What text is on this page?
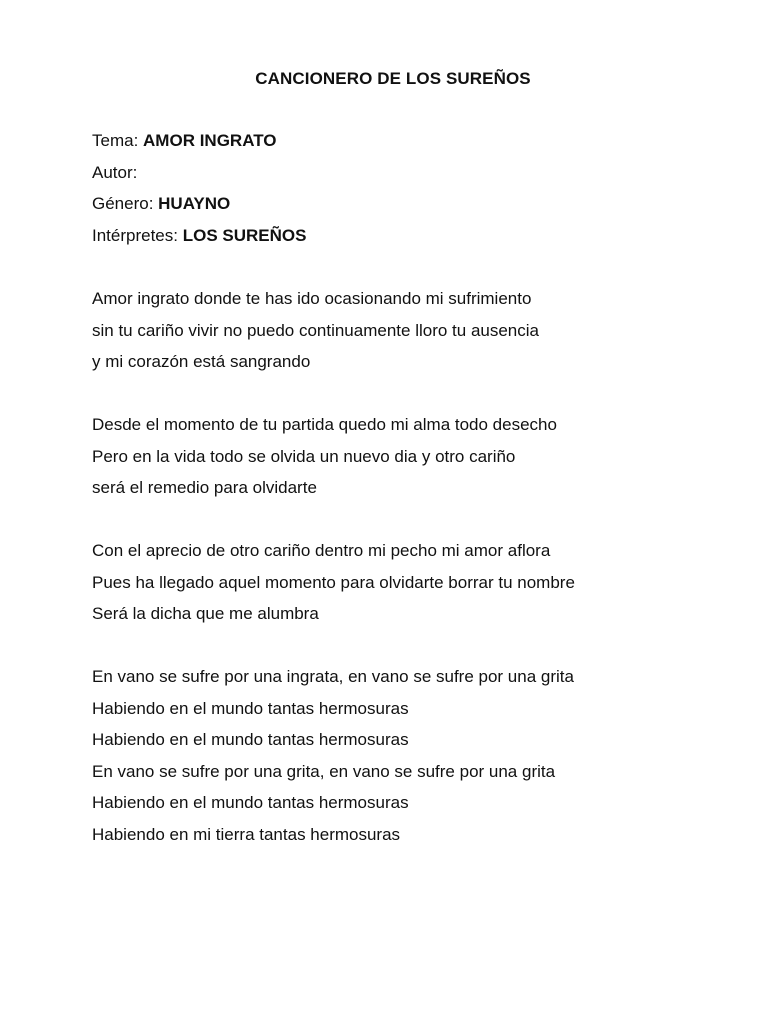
CANCIONERO DE LOS SUREÑOS
Tema: AMOR INGRATO
Autor:
Género: HUAYNO
Intérpretes: LOS SUREÑOS
Amor ingrato donde te has ido ocasionando mi sufrimiento
sin tu cariño vivir no puedo continuamente lloro tu ausencia
y mi corazón está sangrando
Desde el momento de tu partida quedo mi alma todo desecho
Pero en la vida todo se olvida un nuevo dia y otro cariño
será el remedio para olvidarte
Con el aprecio de otro cariño dentro mi pecho mi amor aflora
Pues ha llegado aquel momento para olvidarte borrar tu nombre
Será la dicha que me alumbra
En vano se sufre por una ingrata, en vano se sufre por una grita
Habiendo en el mundo tantas hermosuras
Habiendo en el mundo tantas hermosuras
En vano se sufre por una grita, en vano se sufre por una grita
Habiendo en el mundo tantas hermosuras
Habiendo en mi tierra tantas hermosuras
